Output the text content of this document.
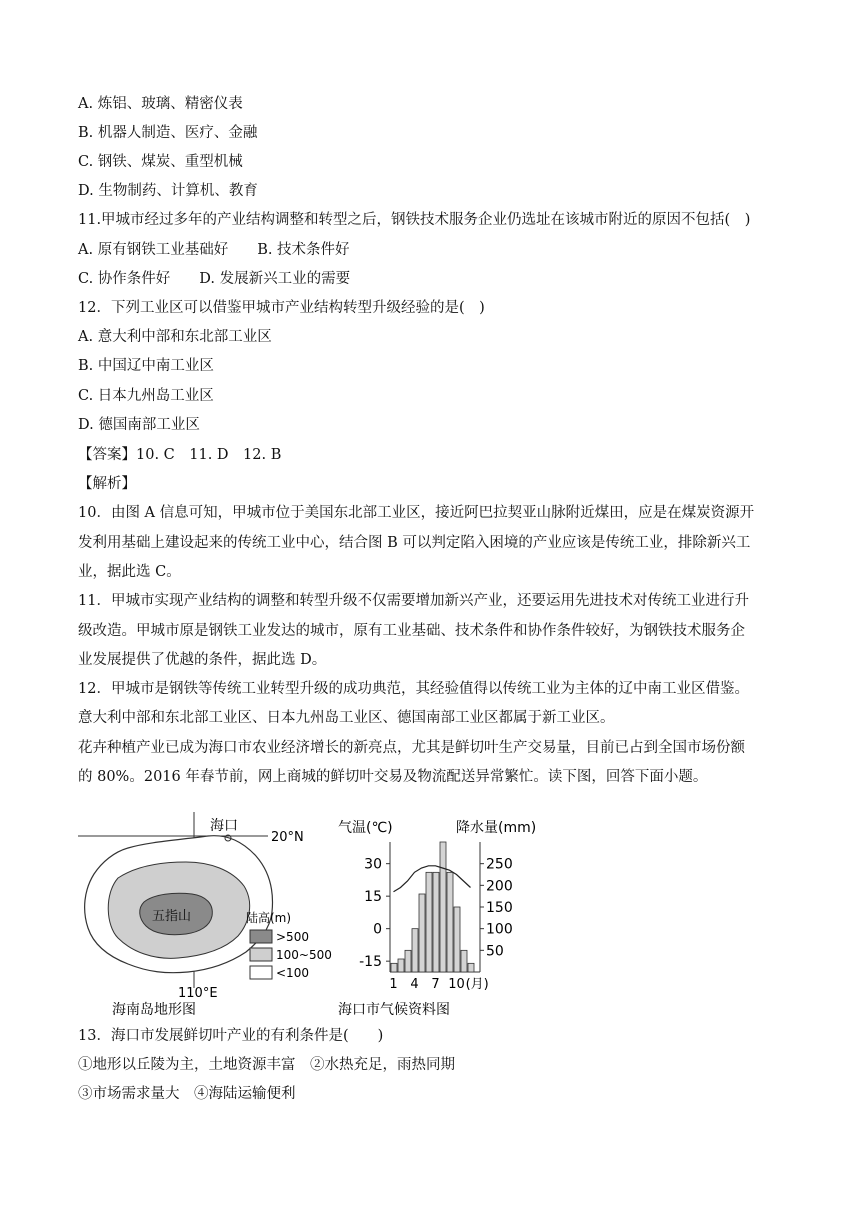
A. 炼铝、玻璃、精密仪表
B. 机器人制造、医疗、金融
C. 钢铁、煤炭、重型机械
D. 生物制药、计算机、教育
11.甲城市经过多年的产业结构调整和转型之后，钢铁技术服务企业仍选址在该城市附近的原因不包括(　)
A. 原有钢铁工业基础好　　B. 技术条件好
C. 协作条件好　　D. 发展新兴工业的需要
12．下列工业区可以借鉴甲城市产业结构转型升级经验的是(　)
A. 意大利中部和东北部工业区
B. 中国辽中南工业区
C. 日本九州岛工业区
D. 德国南部工业区
【答案】10. C　11. D　12. B
【解析】
10．由图 A 信息可知，甲城市位于美国东北部工业区，接近阿巴拉契亚山脉附近煤田，应是在煤炭资源开
发利用基础上建设起来的传统工业中心，结合图 B 可以判定陷入困境的产业应该是传统工业，排除新兴工
业，据此选 C。
11．甲城市实现产业结构的调整和转型升级不仅需要增加新兴产业，还要运用先进技术对传统工业进行升
级改造。甲城市原是钢铁工业发达的城市，原有工业基础、技术条件和协作条件较好，为钢铁技术服务企
业发展提供了优越的条件，据此选 D。
12．甲城市是钢铁等传统工业转型升级的成功典范，其经验值得以传统工业为主体的辽中南工业区借鉴。
意大利中部和东北部工业区、日本九州岛工业区、德国南部工业区都属于新工业区。
花卉种植产业已成为海口市农业经济增长的新亮点，尤其是鲜切叶生产交易量，目前已占到全国市场份额
的 80%。2016 年春节前，网上商城的鲜切叶交易及物流配送异常繁忙。读下图，回答下面小题。
海口
20°N
五指山	陆高(m)
>500
100~500
<100
110°E
海南岛地形图
气温(℃)	降水量(mm)
海口市气候资料图
30
15
0
-15
250
200
150
100
50
1 4 7 10 (月)
13．海口市发展鲜切叶产业的有利条件是(　　)
①地形以丘陵为主，土地资源丰富　②水热充足，雨热同期
③市场需求量大　④海陆运输便利
